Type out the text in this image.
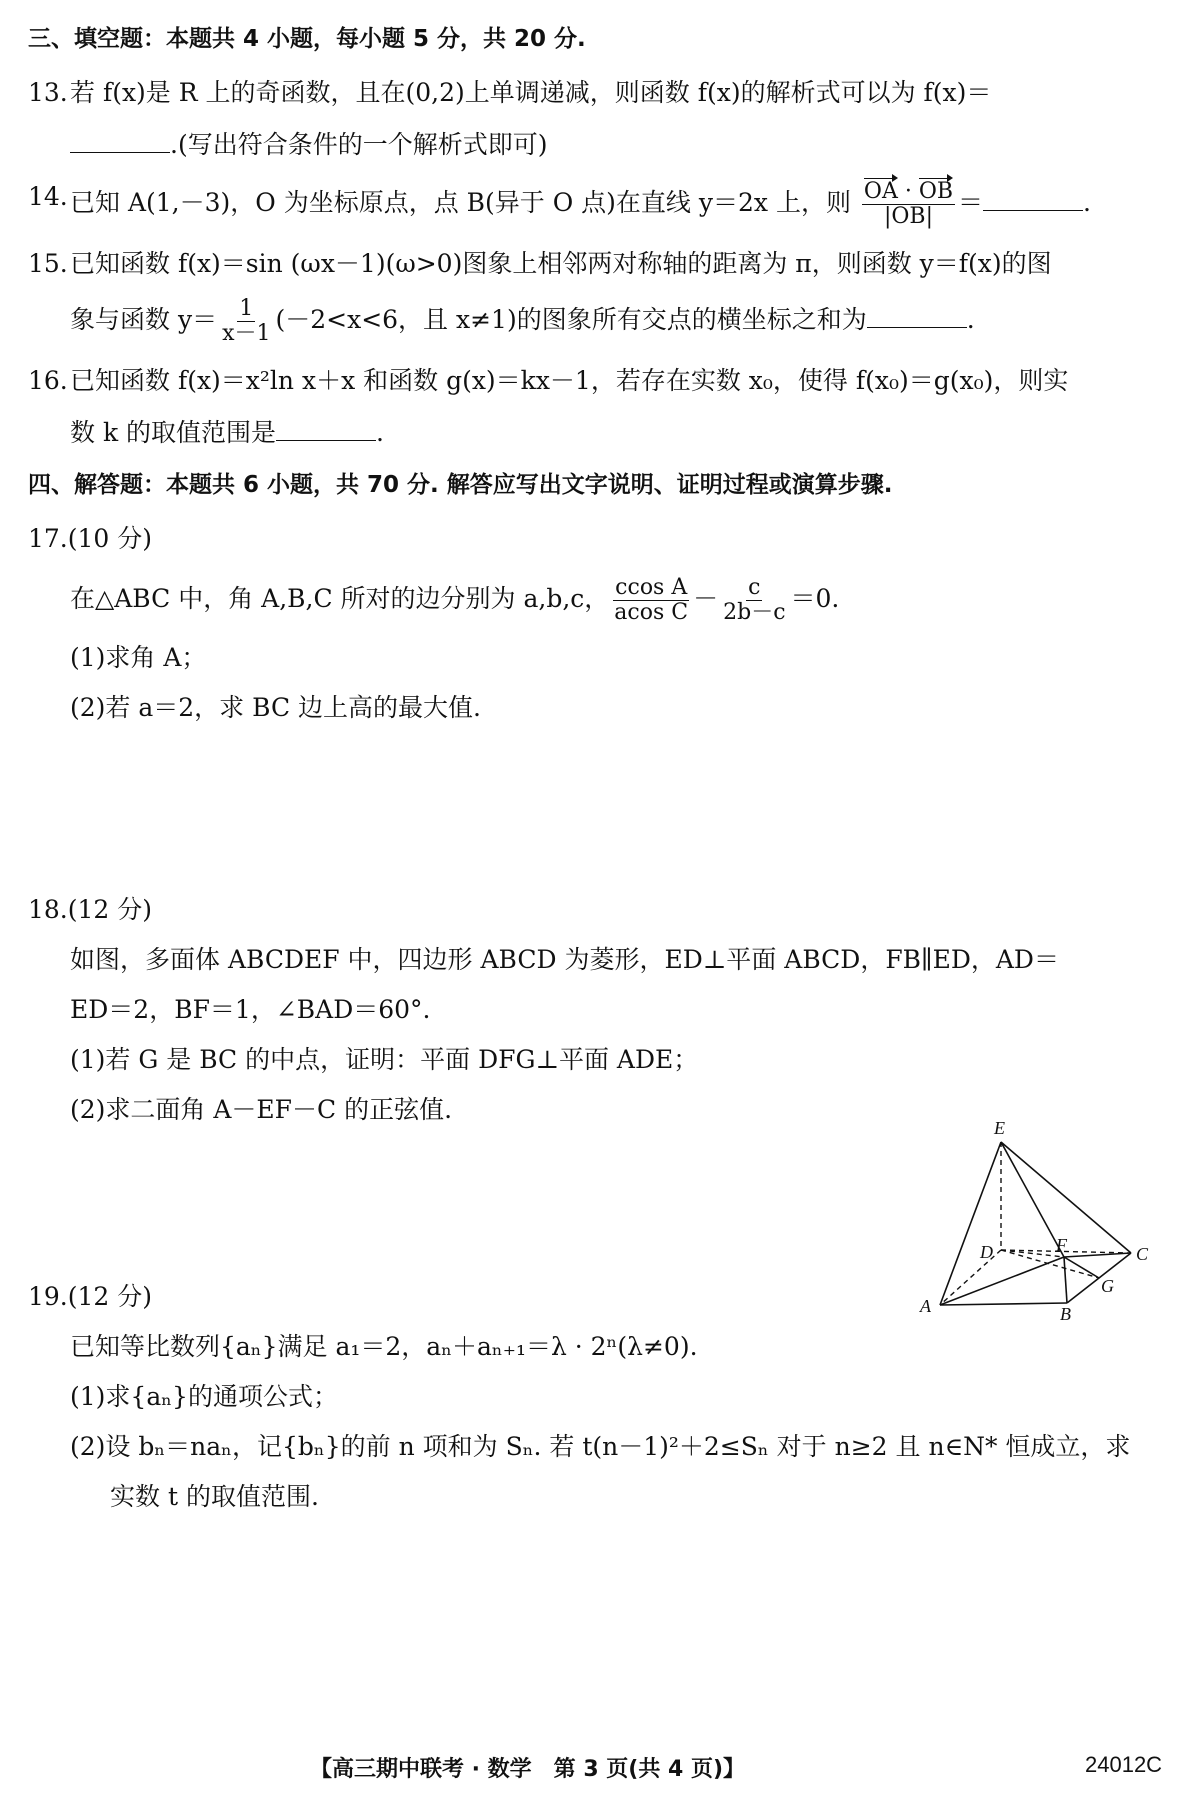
三、填空题：本题共 4 小题，每小题 5 分，共 20 分.
13. 若 f(x)是 R 上的奇函数，且在(0,2)上单调递减，则函数 f(x)的解析式可以为 f(x)＝
.(写出符合条件的一个解析式即可)
14. 已知 A(1,－3)，O 为坐标原点，点 B(异于 O 点)在直线 y＝2x 上，则 $\frac{OA \cdot OB}{|OB|}$ ＝	.
15. 已知函数 f(x)＝sin (ωx－1)(ω>0)图象上相邻两对称轴的距离为 π，则函数 y＝f(x)的图
象与函数 $y= \frac{1}{x-1} (-2<x<6$，且 x≠1)的图象所有交点的横坐标之和为	.
16. 已知函数 f(x)＝x²ln x＋x 和函数 g(x)＝kx－1，若存在实数 x₀，使得 f(x₀)＝g(x₀)，则实
数 k 的取值范围是	.
四、解答题：本题共 6 小题，共 70 分. 解答应写出文字说明、证明过程或演算步骤.
17.(10 分)
在△ABC 中，角 A,B,C 所对的边分别为 a,b,c， $\frac{\text{ccos A}}{\text{acos C}} - \frac{c}{2b-c} =0$.
(1)求角 A；
(2)若 a＝2，求 BC 边上高的最大值.
18.(12 分)
如图，多面体 ABCDEF 中，四边形 ABCD 为菱形，ED⊥平面 ABCD，FB∥ED，AD＝
ED＝2，BF＝1，∠BAD＝60°.
(1)若 G 是 BC 的中点，证明：平面 DFG⊥平面 ADE；
(2)求二面角 A－EF－C 的正弦值.
19.(12 分)
已知等比数列{aₙ}满足 a₁＝2，aₙ＋aₙ₊₁＝λ · 2ⁿ(λ≠0).
(1)求{aₙ}的通项公式；
(2)设 bₙ＝naₙ，记{bₙ}的前 n 项和为 Sₙ. 若 t(n－1)²＋2≤Sₙ 对于 n≥2 且 n∈N* 恒成立，求
实数 t 的取值范围.
E
D	F	C
G
A	B
【高三期中联考 · 数学　第 3 页(共 4 页)】	24012C
